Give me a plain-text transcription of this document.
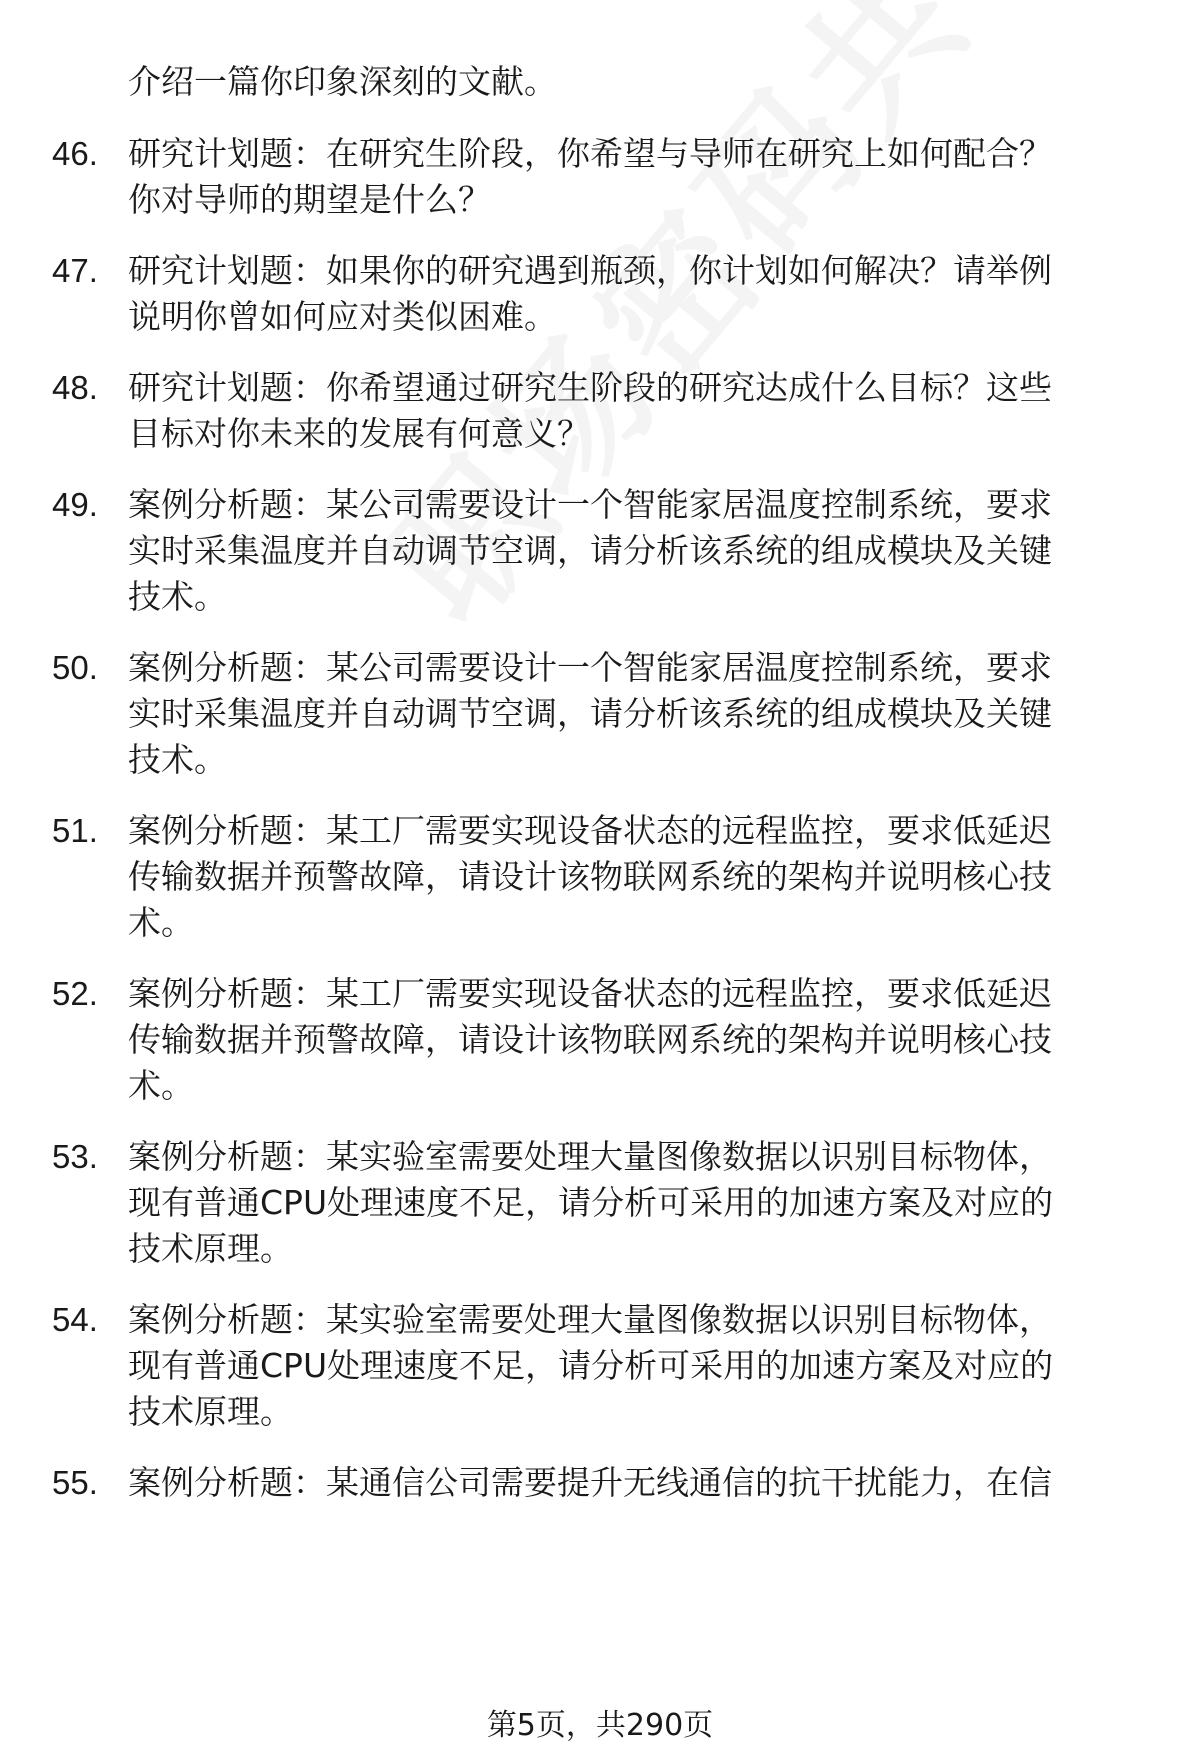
介绍一篇你印象深刻的文献。
46. 研究计划题：在研究生阶段，你希望与导师在研究上如何配合？
你对导师的期望是什么？
47. 研究计划题：如果你的研究遇到瓶颈，你计划如何解决？请举例
说明你曾如何应对类似困难。
48. 研究计划题：你希望通过研究生阶段的研究达成什么目标？这些
目标对你未来的发展有何意义？
49. 案例分析题：某公司需要设计一个智能家居温度控制系统，要求
实时采集温度并自动调节空调，请分析该系统的组成模块及关键
技术。
50. 案例分析题：某公司需要设计一个智能家居温度控制系统，要求
实时采集温度并自动调节空调，请分析该系统的组成模块及关键
技术。
51. 案例分析题：某工厂需要实现设备状态的远程监控，要求低延迟
传输数据并预警故障，请设计该物联网系统的架构并说明核心技
术。
52. 案例分析题：某工厂需要实现设备状态的远程监控，要求低延迟
传输数据并预警故障，请设计该物联网系统的架构并说明核心技
术。
53. 案例分析题：某实验室需要处理大量图像数据以识别目标物体，
现有普通CPU处理速度不足，请分析可采用的加速方案及对应的
技术原理。
54. 案例分析题：某实验室需要处理大量图像数据以识别目标物体，
现有普通CPU处理速度不足，请分析可采用的加速方案及对应的
技术原理。
55. 案例分析题：某通信公司需要提升无线通信的抗干扰能力，在信
第5页，共290页
